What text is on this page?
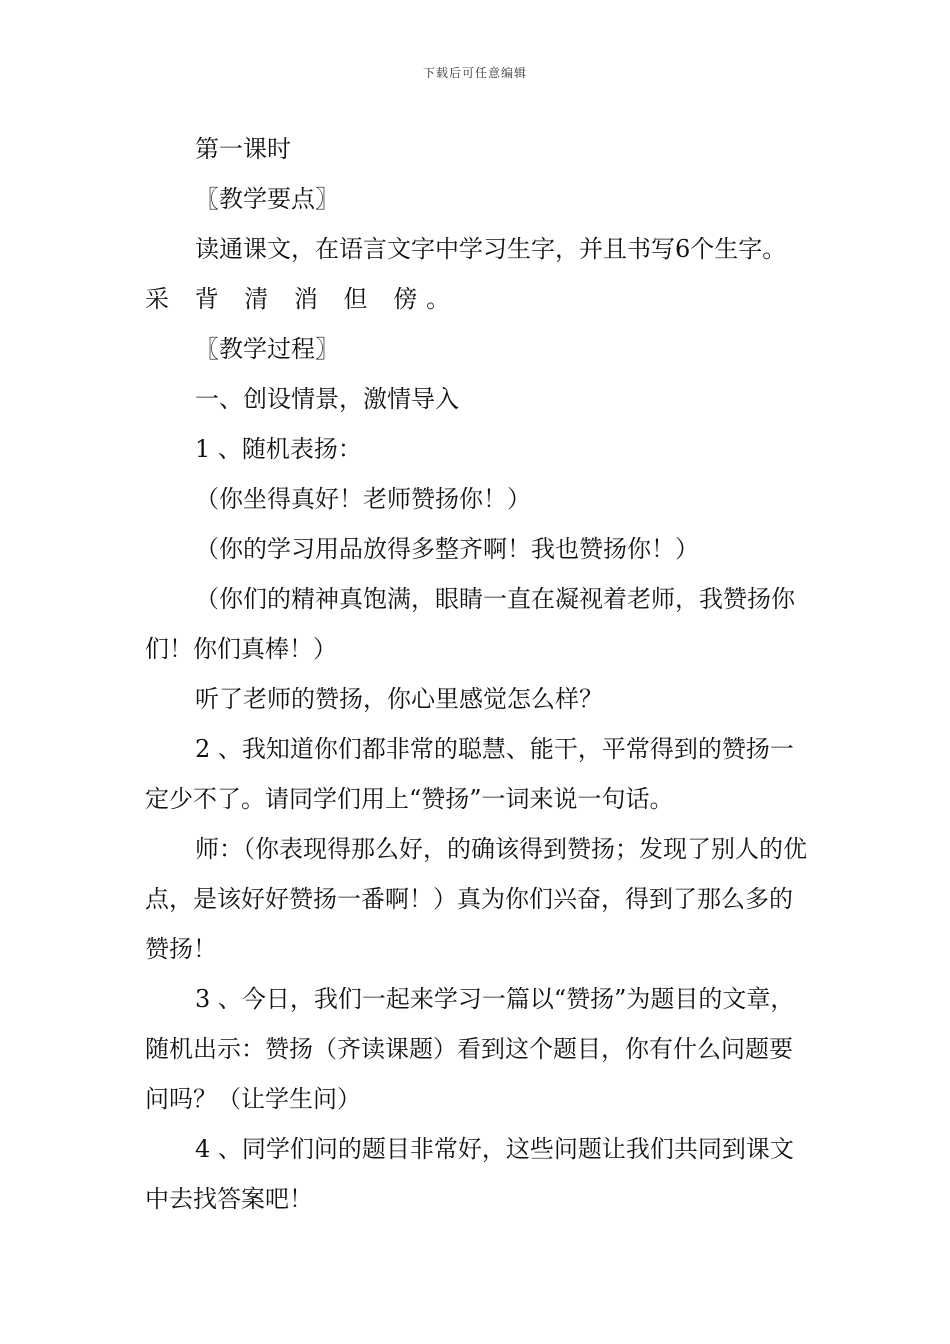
下载后可任意编辑

第一课时

〖教学要点〗

读通课文，在语言文字中学习生字，并且书写6个生字。

采 背 清 消 但 傍。

〖教学过程〗

一、创设情景，激情导入

1 、随机表扬：

（你坐得真好！老师赞扬你！）

（你的学习用品放得多整齐啊！我也赞扬你！）

（你们的精神真饱满，眼睛一直在凝视着老师，我赞扬你们！你们真棒！）

听了老师的赞扬，你心里感觉怎么样？

2 、我知道你们都非常的聪慧、能干，平常得到的赞扬一定少不了。请同学们用上“赞扬”一词来说一句话。

师：（你表现得那么好，的确该得到赞扬；发现了别人的优点，是该好好赞扬一番啊！）真为你们兴奋，得到了那么多的赞扬！

3 、今日，我们一起来学习一篇以“赞扬”为题目的文章，随机出示：赞扬（齐读课题）看到这个题目，你有什么问题要问吗？（让学生问）

4 、同学们问的题目非常好，这些问题让我们共同到课文中去找答案吧！
